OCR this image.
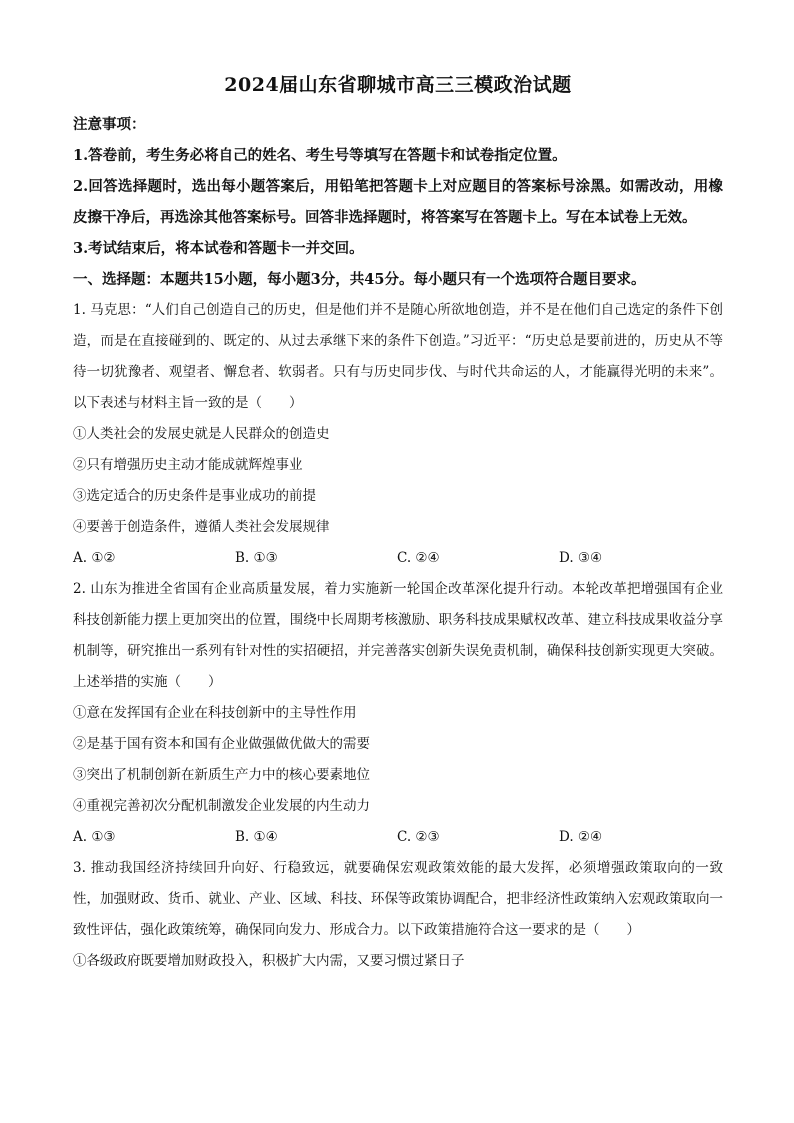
2024届山东省聊城市高三三模政治试题
注意事项：

1.答卷前，考生务必将自己的姓名、考生号等填写在答题卡和试卷指定位置。

2.回答选择题时，选出每小题答案后，用铅笔把答题卡上对应题目的答案标号涂黑。如需改动，用橡皮擦干净后，再选涂其他答案标号。回答非选择题时，将答案写在答题卡上。写在本试卷上无效。

3.考试结束后，将本试卷和答题卡一并交回。

一、选择题：本题共15小题，每小题3分，共45分。每小题只有一个选项符合题目要求。

1. 马克思：“人们自己创造自己的历史，但是他们并不是随心所欲地创造，并不是在他们自己选定的条件下创造，而是在直接碰到的、既定的、从过去承继下来的条件下创造。”习近平：“历史总是要前进的，历史从不等待一切犹豫者、观望者、懈怠者、软弱者。只有与历史同步伐、与时代共命运的人，才能赢得光明的未来”。以下表述与材料主旨一致的是（　　）

①人类社会的发展史就是人民群众的创造史

②只有增强历史主动才能成就辉煌事业

③选定适合的历史条件是事业成功的前提

④要善于创造条件，遵循人类社会发展规律

A. ①②	B. ①③	C. ②④	D. ③④

2. 山东为推进全省国有企业高质量发展，着力实施新一轮国企改革深化提升行动。本轮改革把增强国有企业科技创新能力摆上更加突出的位置，围绕中长周期考核激励、职务科技成果赋权改革、建立科技成果收益分享机制等，研究推出一系列有针对性的实招硬招，并完善落实创新失误免责机制，确保科技创新实现更大突破。上述举措的实施（　　）

①意在发挥国有企业在科技创新中的主导性作用

②是基于国有资本和国有企业做强做优做大的需要

③突出了机制创新在新质生产力中的核心要素地位

④重视完善初次分配机制激发企业发展的内生动力

A. ①③	B. ①④	C. ②③	D. ②④

3. 推动我国经济持续回升向好、行稳致远，就要确保宏观政策效能的最大发挥，必须增强政策取向的一致性，加强财政、货币、就业、产业、区域、科技、环保等政策协调配合，把非经济性政策纳入宏观政策取向一致性评估，强化政策统筹，确保同向发力、形成合力。以下政策措施符合这一要求的是（　　）

①各级政府既要增加财政投入，积极扩大内需，又要习惯过紧日子
